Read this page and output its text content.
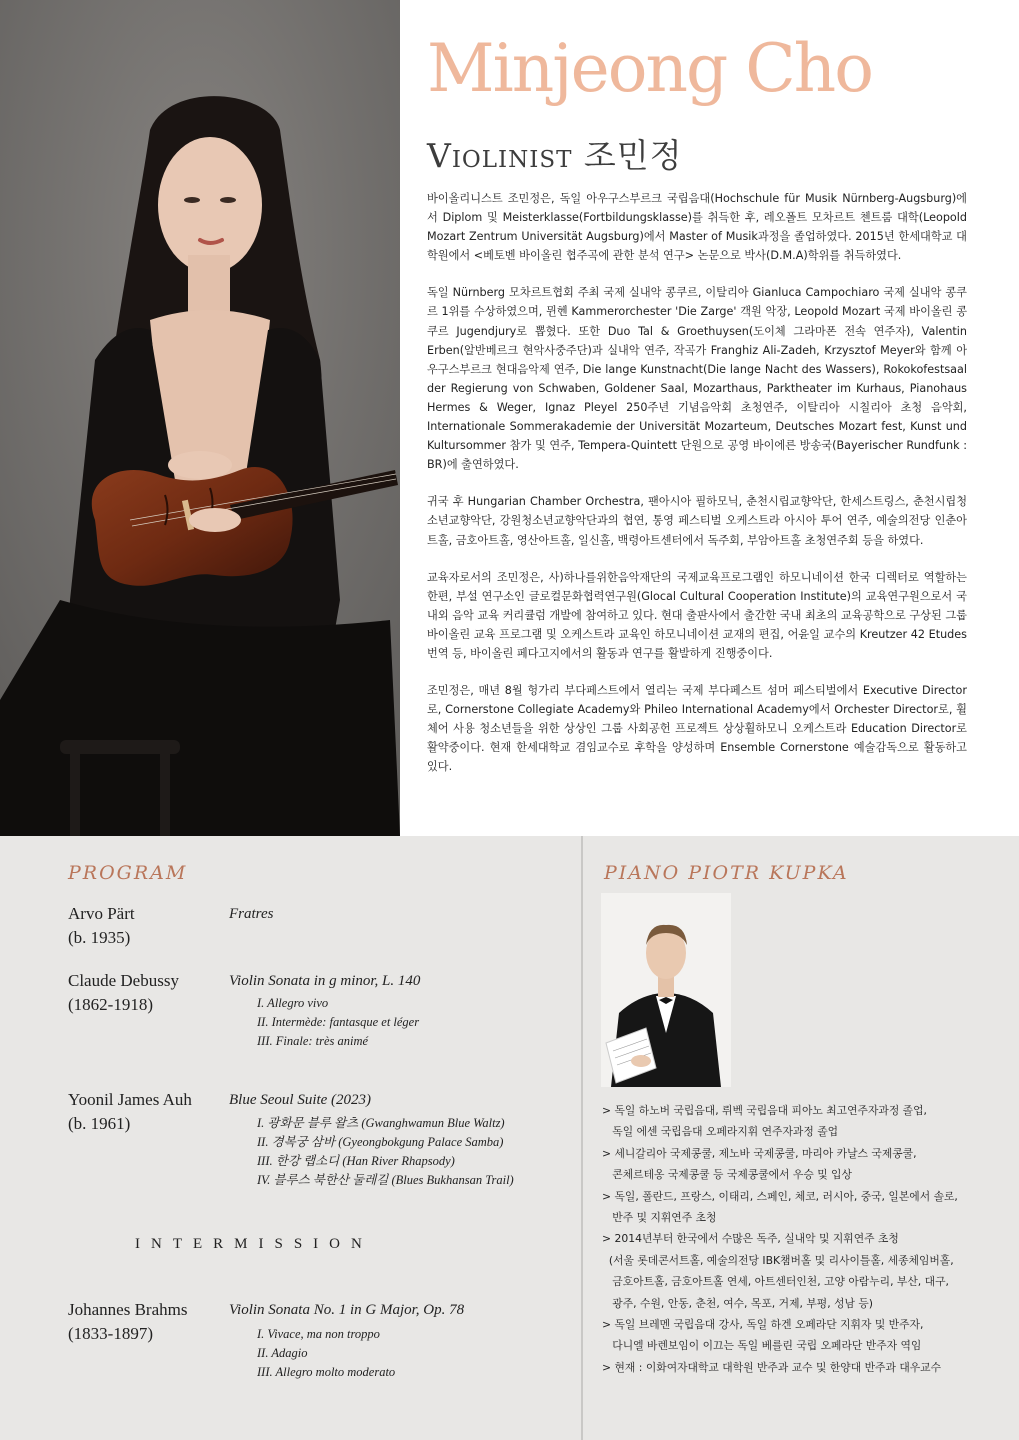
Minjeong Cho
Violinist 조민정

바이올리니스트 조민정은, 독일 아우구스부르크 국립음대(Hochschule für Musik Nürnberg-Augsburg)에서 Diplom 및 Meisterklasse(Fortbildungsklasse)를 취득한 후, 레오폴트 모차르트 첸트룸 대학(Leopold Mozart Zentrum Universität Augsburg)에서 Master of Musik과정을 졸업하였다. 2015년 한세대학교 대학원에서 <베토벤 바이올린 협주곡에 관한 분석 연구> 논문으로 박사(D.M.A)학위를 취득하였다.

독일 Nürnberg 모차르트협회 주최 국제 실내악 콩쿠르, 이탈리아 Gianluca Campochiaro 국제 실내악 콩쿠르 1위를 수상하였으며, 뮌헨 Kammerorchester 'Die Zarge' 객원 악장, Leopold Mozart 국제 바이올린 콩쿠르 Jugendjury로 뽑혔다. 또한 Duo Tal & Groethuysen(도이체 그라마폰 전속 연주자), Valentin Erben(알반베르크 현악사중주단)과 실내악 연주, 작곡가 Franghiz Ali-Zadeh, Krzysztof Meyer와 함께 아우구스부르크 현대음악제 연주, Die lange Kunstnacht(Die lange Nacht des Wassers), Rokokofestsaal der Regierung von Schwaben, Goldener Saal, Mozarthaus, Parktheater im Kurhaus, Pianohaus Hermes & Weger, Ignaz Pleyel 250주년 기념음악회 초청연주, 이탈리아 시칠리아 초청 음악회, Internationale Sommerakademie der Universität Mozarteum, Deutsches Mozart fest, Kunst und Kultursommer 참가 및 연주, Tempera-Quintett 단원으로 공영 바이에른 방송국(Bayerischer Rundfunk : BR)에 출연하였다.

귀국 후 Hungarian Chamber Orchestra, 팬아시아 필하모닉, 춘천시립교향악단, 한세스트링스, 춘천시립청소년교향악단, 강원청소년교향악단과의 협연, 통영 페스티벌 오케스트라 아시아 투어 연주, 예술의전당 인춘아트홀, 금호아트홀, 영산아트홀, 일신홀, 백령아트센터에서 독주회, 부암아트홀 초청연주회 등을 하였다.

교육자로서의 조민정은, 사)하나를위한음악재단의 국제교육프로그램인 하모니네이션 한국 디렉터로 역할하는 한편, 부설 연구소인 글로컬문화협력연구원(Glocal Cultural Cooperation Institute)의 교육연구원으로서 국내외 음악 교육 커리큘럼 개발에 참여하고 있다. 현대 출판사에서 출간한 국내 최초의 교육공학으로 구상된 그룹 바이올린 교육 프로그램 및 오케스트라 교육인 하모니네이션 교재의 편집, 어윤일 교수의 Kreutzer 42 Etudes 번역 등, 바이올린 페다고지에서의 활동과 연구를 활발하게 진행중이다.

조민정은, 매년 8월 헝가리 부다페스트에서 열리는 국제 부다페스트 섬머 페스티벌에서 Executive Director로, Cornerstone Collegiate Academy와 Phileo International Academy에서 Orchester Director로, 휠체어 사용 청소년들을 위한 상상인 그룹 사회공헌 프로젝트 상상휠하모니 오케스트라 Education Director로 활약중이다. 현재 한세대학교 겸임교수로 후학을 양성하며 Ensemble Cornerstone 예술감독으로 활동하고 있다.

PROGRAM
Arvo Pärt
(b. 1935)
Fratres
Claude Debussy
(1862-1918)
Violin Sonata in g minor, L. 140
I. Allegro vivo
II. Intermède: fantasque et léger
III. Finale: très animé
Yoonil James Auh
(b. 1961)
Blue Seoul Suite (2023)
I. 광화문 블루 왈츠 (Gwanghwamun Blue Waltz)
II. 경복궁 삼바 (Gyeongbokgung Palace Samba)
III. 한강 랩소디 (Han River Rhapsody)
IV. 블루스 북한산 둘레길 (Blues Bukhansan Trail)
INTERMISSION
Johannes Brahms
(1833-1897)
Violin Sonata No. 1 in G Major, Op. 78
I. Vivace, ma non troppo
II. Adagio
III. Allegro molto moderato
PIANO PIOTR KUPKA
> 독일 하노버 국립음대, 뤼벡 국립음대 피아노 최고연주자과정 졸업,
독일 에센 국립음대 오페라지휘 연주자과정 졸업
> 세니갈리아 국제콩쿨, 제노바 국제콩쿨, 마리아 카날스 국제콩쿨,
콘체르테옹 국제콩쿨 등 국제콩쿨에서 우승 및 입상
> 독일, 폴란드, 프랑스, 이태리, 스페인, 체코, 러시아, 중국, 일본에서 솔로,
반주 및 지휘연주 초청
> 2014년부터 한국에서 수많은 독주, 실내악 및 지휘연주 초청
(서울 롯데콘서트홀, 예술의전당 IBK챔버홀 및 리사이틀홀, 세종체임버홀,
금호아트홀, 금호아트홀 연세, 아트센터인천, 고양 아람누리, 부산, 대구,
광주, 수원, 안동, 춘천, 여수, 목포, 거제, 부평, 성남 등)
> 독일 브레멘 국립음대 강사, 독일 하겐 오페라단 지휘자 및 반주자,
다니엘 바렌보임이 이끄는 독일 베를린 국립 오페라단 반주자 역임
> 현재 : 이화여자대학교 대학원 반주과 교수 및 한양대 반주과 대우교수
